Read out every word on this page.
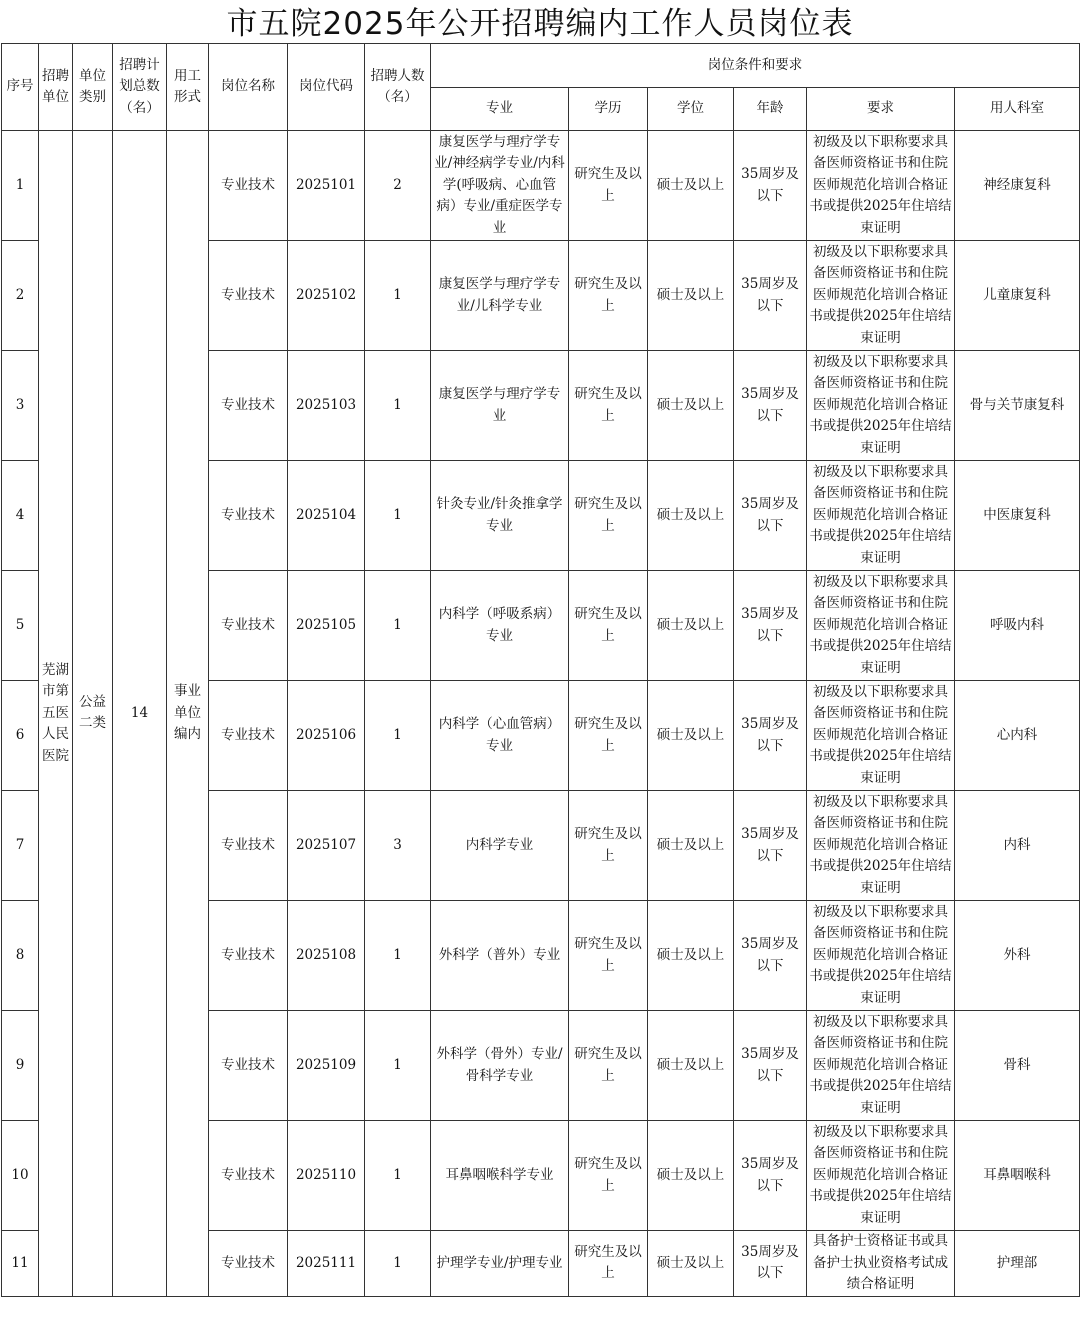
市五院2025年公开招聘编内工作人员岗位表
序号	招聘单位	单位类别	招聘计划总数（名）	用工形式	岗位名称	岗位代码	招聘人数（名）	岗位条件和要求					
								专业	学历	学位	年龄	要求	用人科室
1	芜湖市第五医人民医院	公益二类	14	事业单位编内	专业技术	2025101	2	康复医学与理疗学专业/神经病学专业/内科学(呼吸病、心血管病）专业/重症医学专业	研究生及以上	硕士及以上	35周岁及以下	初级及以下职称要求具备医师资格证书和住院医师规范化培训合格证书或提供2025年住培结束证明	神经康复科
2					专业技术	2025102	1	康复医学与理疗学专业/儿科学专业	研究生及以上	硕士及以上	35周岁及以下	初级及以下职称要求具备医师资格证书和住院医师规范化培训合格证书或提供2025年住培结束证明	儿童康复科
3					专业技术	2025103	1	康复医学与理疗学专业	研究生及以上	硕士及以上	35周岁及以下	初级及以下职称要求具备医师资格证书和住院医师规范化培训合格证书或提供2025年住培结束证明	骨与关节康复科
4					专业技术	2025104	1	针灸专业/针灸推拿学专业	研究生及以上	硕士及以上	35周岁及以下	初级及以下职称要求具备医师资格证书和住院医师规范化培训合格证书或提供2025年住培结束证明	中医康复科
5					专业技术	2025105	1	内科学（呼吸系病）专业	研究生及以上	硕士及以上	35周岁及以下	初级及以下职称要求具备医师资格证书和住院医师规范化培训合格证书或提供2025年住培结束证明	呼吸内科
6					专业技术	2025106	1	内科学（心血管病）专业	研究生及以上	硕士及以上	35周岁及以下	初级及以下职称要求具备医师资格证书和住院医师规范化培训合格证书或提供2025年住培结束证明	心内科
7					专业技术	2025107	3	内科学专业	研究生及以上	硕士及以上	35周岁及以下	初级及以下职称要求具备医师资格证书和住院医师规范化培训合格证书或提供2025年住培结束证明	内科
8					专业技术	2025108	1	外科学（普外）专业	研究生及以上	硕士及以上	35周岁及以下	初级及以下职称要求具备医师资格证书和住院医师规范化培训合格证书或提供2025年住培结束证明	外科
9					专业技术	2025109	1	外科学（骨外）专业/骨科学专业	研究生及以上	硕士及以上	35周岁及以下	初级及以下职称要求具备医师资格证书和住院医师规范化培训合格证书或提供2025年住培结束证明	骨科
10					专业技术	2025110	1	耳鼻咽喉科学专业	研究生及以上	硕士及以上	35周岁及以下	初级及以下职称要求具备医师资格证书和住院医师规范化培训合格证书或提供2025年住培结束证明	耳鼻咽喉科
11					专业技术	2025111	1	护理学专业/护理专业	研究生及以上	硕士及以上	35周岁及以下	具备护士资格证书或具备护士执业资格考试成绩合格证明	护理部
